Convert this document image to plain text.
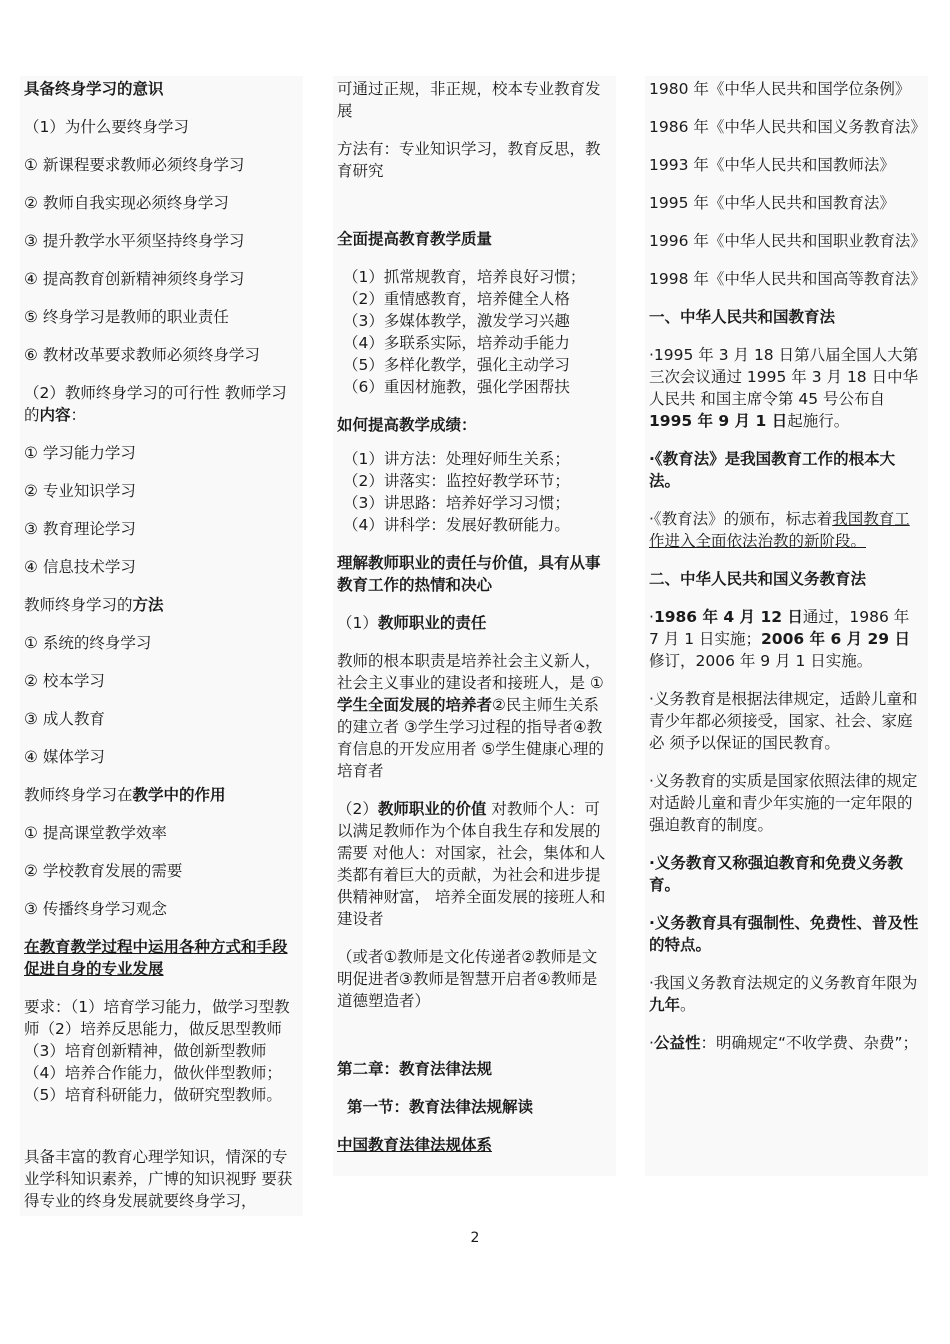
具备终身学习的意识

（1）为什么要终身学习

① 新课程要求教师必须终身学习

② 教师自我实现必须终身学习

③ 提升教学水平须坚持终身学习

④ 提高教育创新精神须终身学习

⑤ 终身学习是教师的职业责任

⑥ 教材改革要求教师必须终身学习

（2）教师终身学习的可行性 教师学习的内容：

① 学习能力学习

② 专业知识学习

③ 教育理论学习

④ 信息技术学习

教师终身学习的方法

① 系统的终身学习

② 校本学习

③ 成人教育

④ 媒体学习

教师终身学习在教学中的作用

① 提高课堂教学效率

② 学校教育发展的需要

③ 传播终身学习观念

在教育教学过程中运用各种方式和手段促进自身的专业发展

要求：（1）培育学习能力，做学习型教师（2）培养反思能力，做反思型教师 （3）培育创新精神，做创新型教师（4）培养合作能力，做伙伴型教师；（5）培育科研能力，做研究型教师。

具备丰富的教育心理学知识，情深的专业学科知识素养，广博的知识视野 要获得专业的终身发展就要终身学习，

可通过正规，非正规，校本专业教育发展

方法有：专业知识学习，教育反思，教育研究

全面提高教育教学质量

（1）抓常规教育，培养良好习惯；

（2）重情感教育，培养健全人格

（3）多媒体教学，激发学习兴趣

（4）多联系实际，培养动手能力

（5）多样化教学，强化主动学习

（6）重因材施教，强化学困帮扶

如何提高教学成绩：

（1）讲方法：处理好师生关系；

（2）讲落实：监控好教学环节；

（3）讲思路：培养好学习习惯；

（4）讲科学：发展好教研能力。

理解教师职业的责任与价值，具有从事教育工作的热情和决心

（1）教师职业的责任

教师的根本职责是培养社会主义新人，社会主义事业的建设者和接班人，是 ①学生全面发展的培养者②民主师生关系的建立者 ③学生学习过程的指导者④教育信息的开发应用者 ⑤学生健康心理的培育者

（2）教师职业的价值 对教师个人：可以满足教师作为个体自我生存和发展的需要 对他人：对国家，社会，集体和人类都有着巨大的贡献，为社会和进步提供精神财富， 培养全面发展的接班人和建设者

（或者①教师是文化传递者②教师是文明促进者③教师是智慧开启者④教师是道德塑造者）

第二章：教育法律法规

第一节：教育法律法规解读

中国教育法律法规体系

1980 年《中华人民共和国学位条例》

1986 年《中华人民共和国义务教育法》

1993 年《中华人民共和国教师法》

1995 年《中华人民共和国教育法》

1996 年《中华人民共和国职业教育法》

1998 年《中华人民共和国高等教育法》

一、中华人民共和国教育法

·1995 年 3 月 18 日第八届全国人大第三次会议通过 1995 年 3 月 18 日中华人民共 和国主席令第 45 号公布自 1995 年 9 月 1 日起施行。

·《教育法》是我国教育工作的根本大法。

·《教育法》的颁布，标志着我国教育工作进入全面依法治教的新阶段。

二、中华人民共和国义务教育法

·1986 年 4 月 12 日通过，1986 年 7 月 1 日实施；2006 年 6 月 29 日修订，2006 年 9 月 1 日实施。

·义务教育是根据法律规定，适龄儿童和青少年都必须接受，国家、社会、家庭必 须予以保证的国民教育。

·义务教育的实质是国家依照法律的规定对适龄儿童和青少年实施的一定年限的 强迫教育的制度。

·义务教育又称强迫教育和免费义务教育。

·义务教育具有强制性、免费性、普及性的特点。

·我国义务教育法规定的义务教育年限为九年。

·公益性：明确规定“不收学费、杂费”；

2
